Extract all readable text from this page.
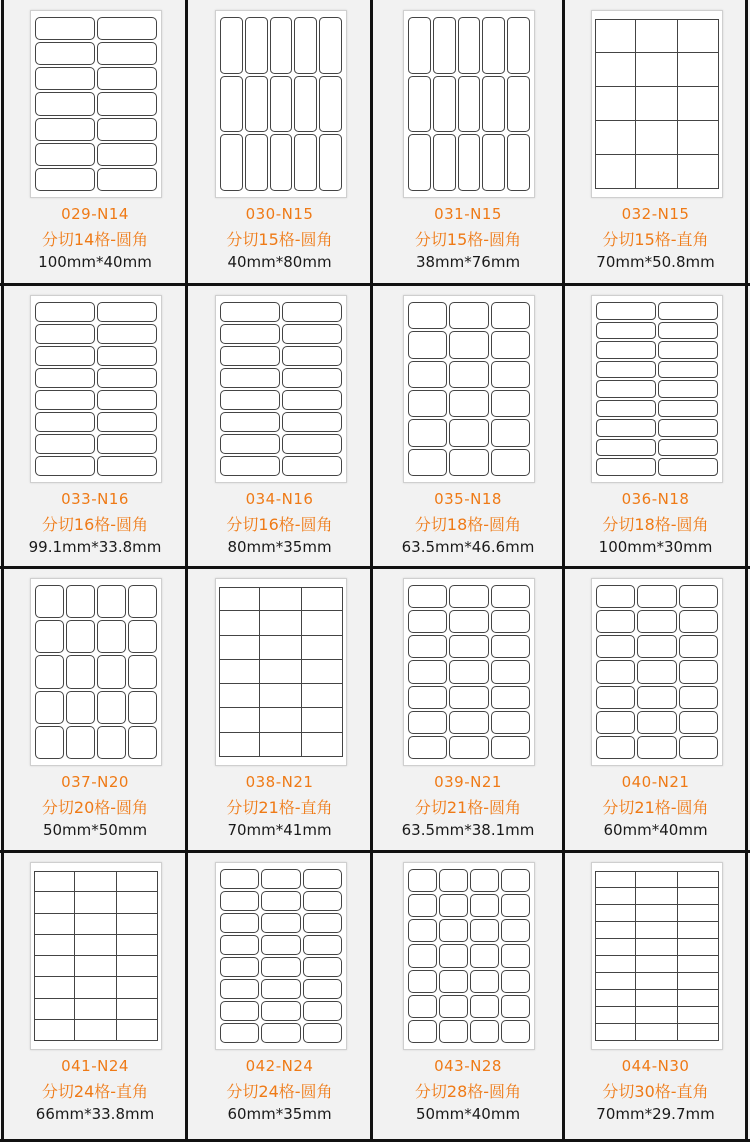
029-N14
分切14格-圆角
100mm*40mm
030-N15
分切15格-圆角
40mm*80mm
031-N15
分切15格-圆角
38mm*76mm
032-N15
分切15格-直角
70mm*50.8mm
033-N16
分切16格-圆角
99.1mm*33.8mm
034-N16
分切16格-圆角
80mm*35mm
035-N18
分切18格-圆角
63.5mm*46.6mm
036-N18
分切18格-圆角
100mm*30mm
037-N20
分切20格-圆角
50mm*50mm
038-N21
分切21格-直角
70mm*41mm
039-N21
分切21格-圆角
63.5mm*38.1mm
040-N21
分切21格-圆角
60mm*40mm
041-N24
分切24格-直角
66mm*33.8mm
042-N24
分切24格-圆角
60mm*35mm
043-N28
分切28格-圆角
50mm*40mm
044-N30
分切30格-直角
70mm*29.7mm
